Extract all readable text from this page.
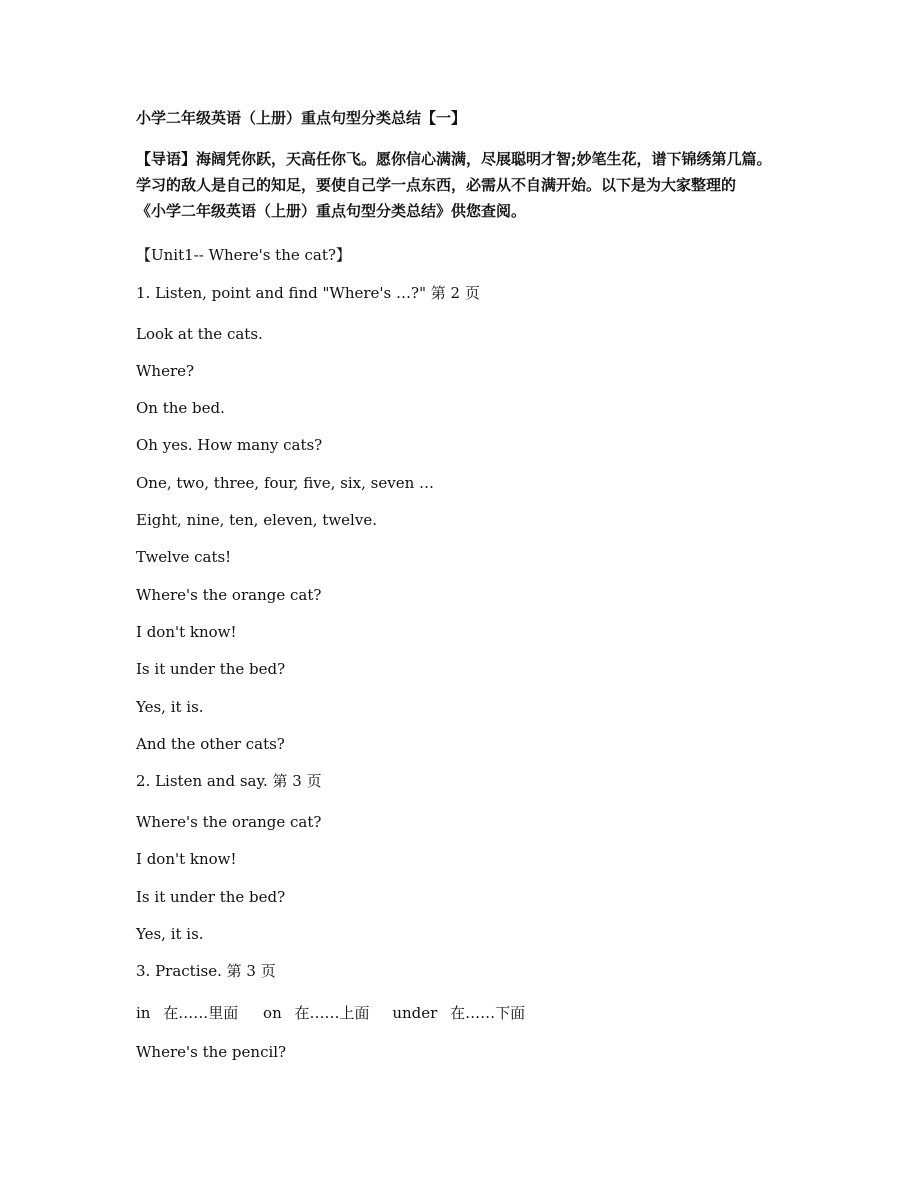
小学二年级英语（上册）重点句型分类总结【一】

【导语】海阔凭你跃，天高任你飞。愿你信心满满，尽展聪明才智;妙笔生花，谱下锦绣第几篇。

学习的敌人是自己的知足，要使自己学一点东西，必需从不自满开始。以下是为大家整理的

《小学二年级英语（上册）重点句型分类总结》供您查阅。

【Unit1-- Where's the cat?】

1. Listen, point and find "Where's …?" 第 2 页

Look at the cats.

Where?

On the bed.

Oh yes. How many cats?

One, two, three, four, five, six, seven …

Eight, nine, ten, eleven, twelve.

Twelve cats!

Where's the orange cat?

I don't know!

Is it under the bed?

Yes, it is.

And the other cats?

2. Listen and say. 第 3 页

Where's the orange cat?

I don't know!

Is it under the bed?

Yes, it is.

3. Practise. 第 3 页

in 在……里面 on 在……上面 under 在……下面

Where's the pencil?
